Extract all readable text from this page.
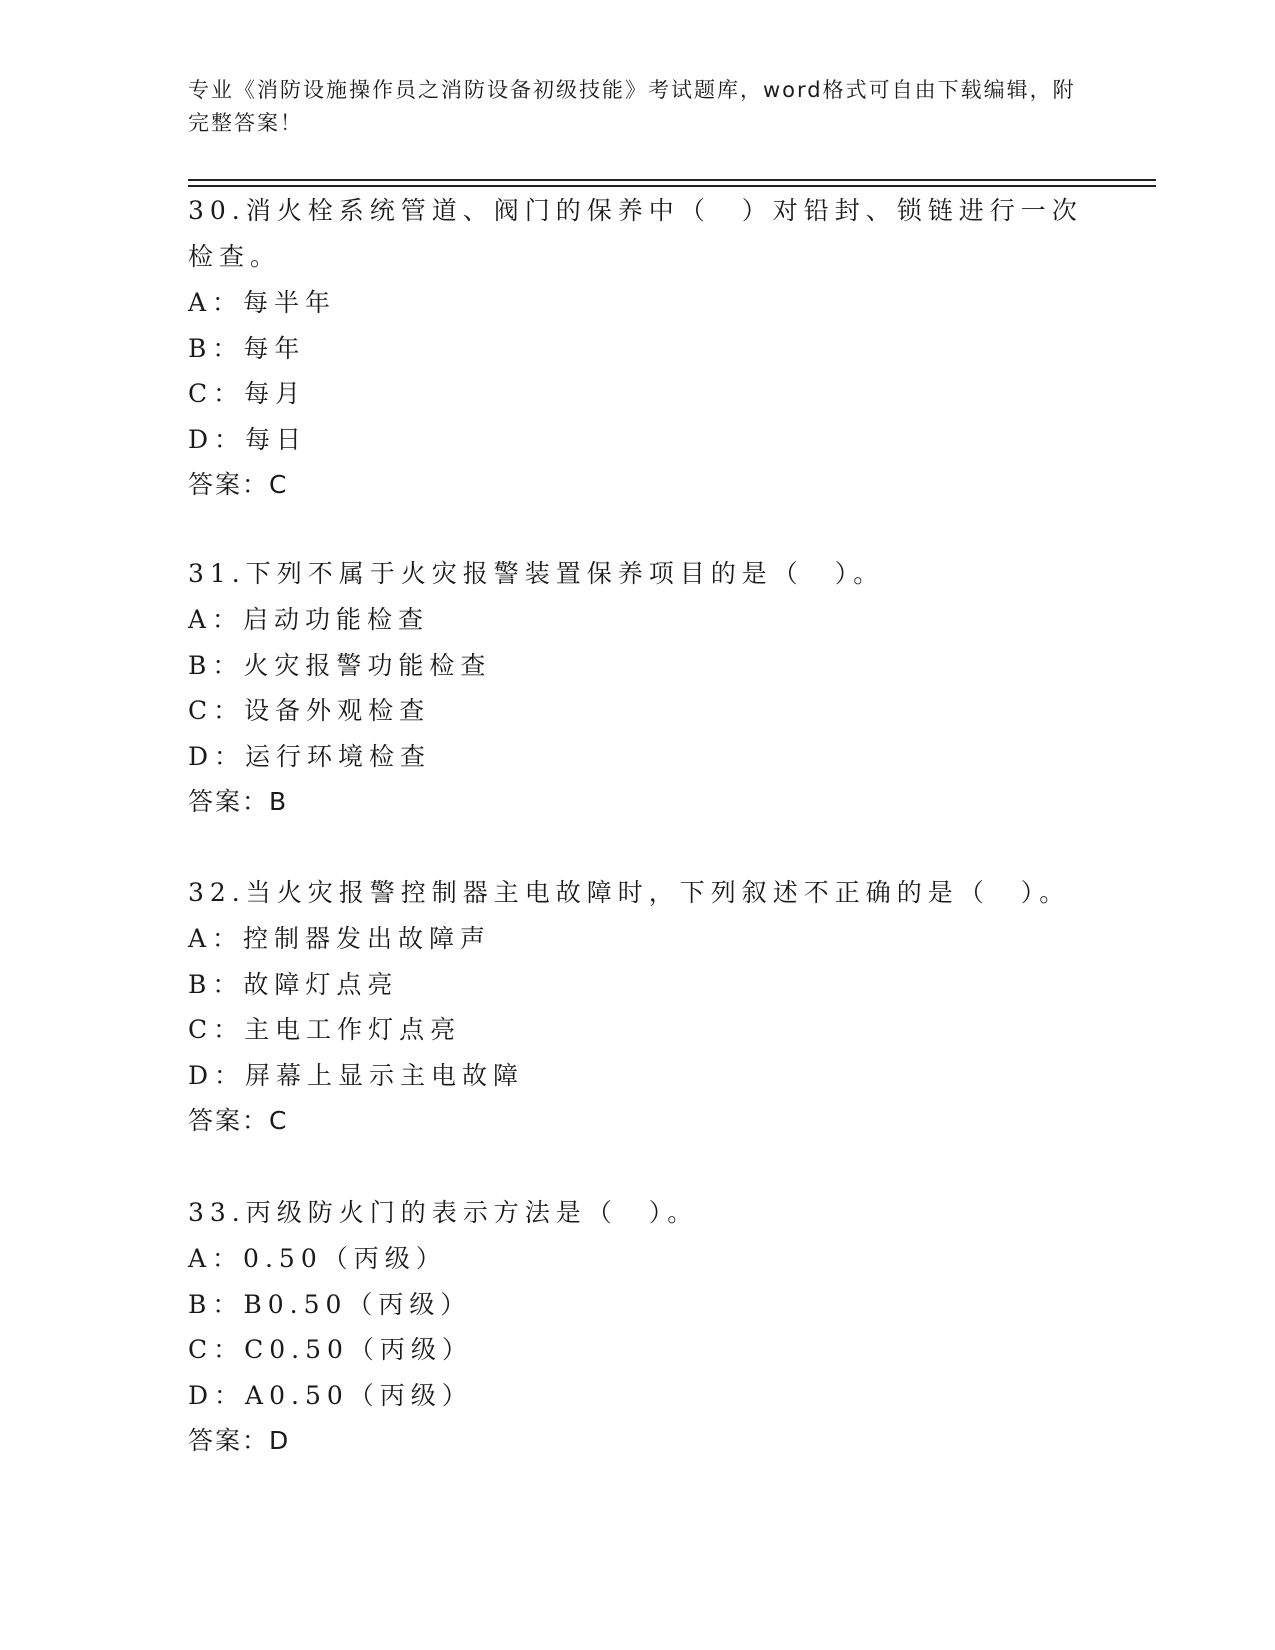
专业《消防设施操作员之消防设备初级技能》考试题库，word格式可自由下载编辑，附完整答案！

30.消火栓系统管道、阀门的保养中（　）对铅封、锁链进行一次检查。

A：每半年

B：每年

C：每月

D：每日

答案：C

31.下列不属于火灾报警装置保养项目的是（　）。

A：启动功能检查

B：火灾报警功能检查

C：设备外观检查

D：运行环境检查

答案：B

32.当火灾报警控制器主电故障时，下列叙述不正确的是（　）。

A：控制器发出故障声

B：故障灯点亮

C：主电工作灯点亮

D：屏幕上显示主电故障

答案：C

33.丙级防火门的表示方法是（　）。

A：0.50（丙级）

B：B0.50（丙级）

C：C0.50（丙级）

D：A0.50（丙级）

答案：D
